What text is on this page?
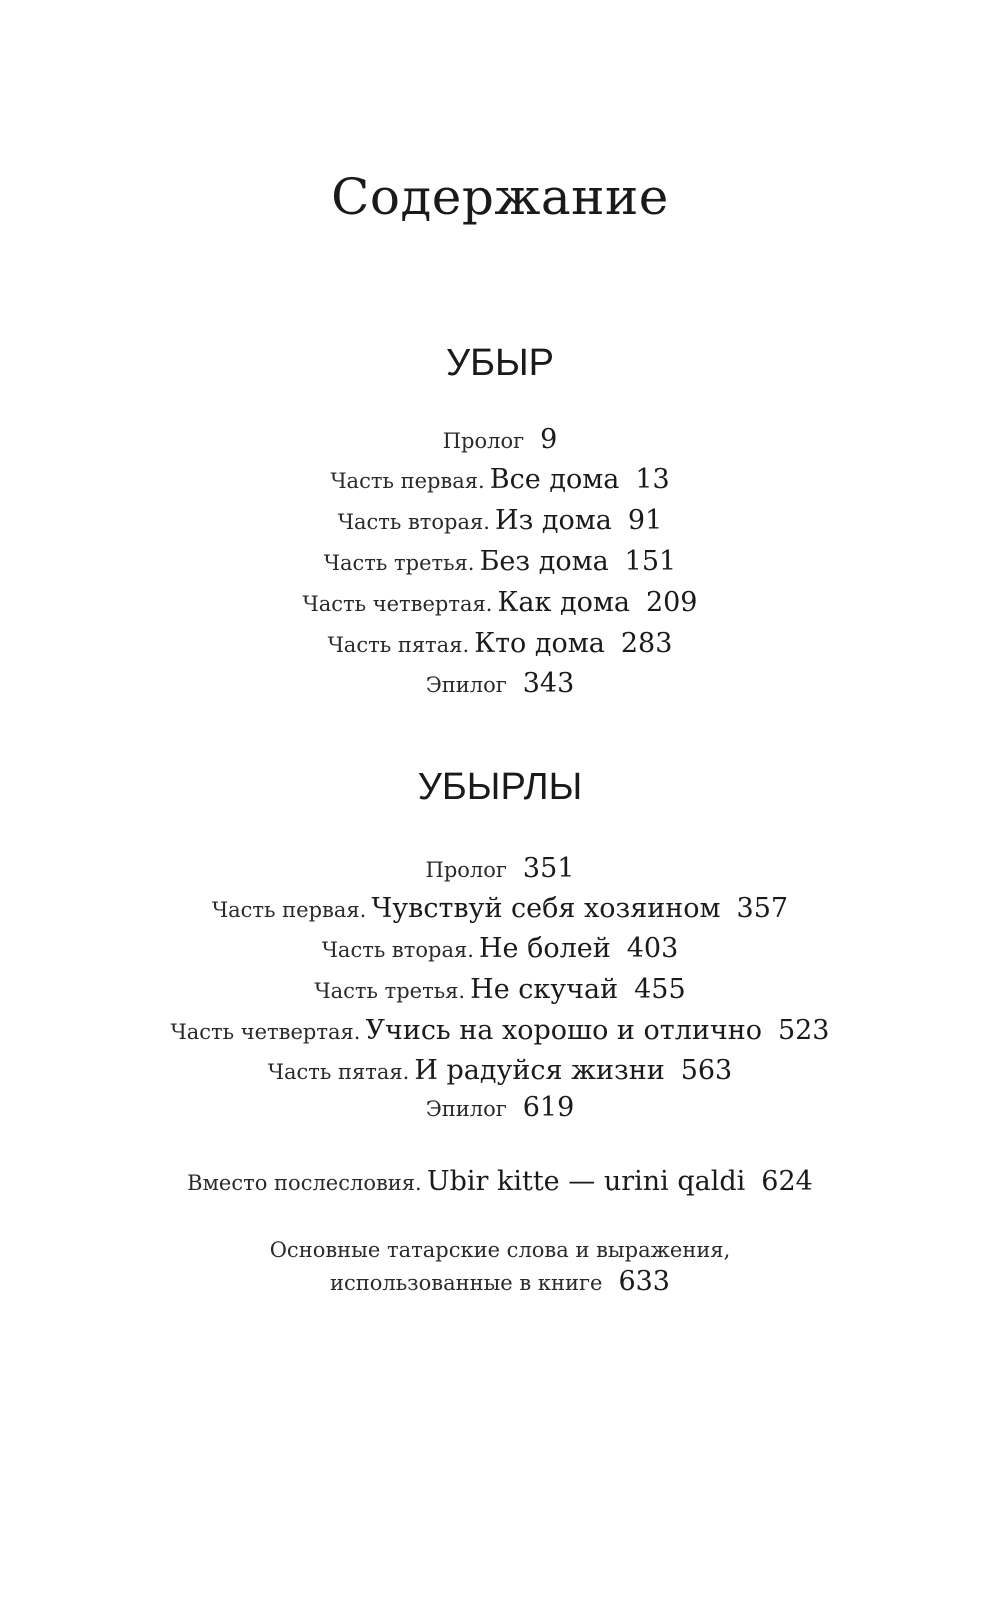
Содержание
УБЫР
Пролог 9
Часть первая. Все дома 13
Часть вторая. Из дома 91
Часть третья. Без дома 151
Часть четвертая. Как дома 209
Часть пятая. Кто дома 283
Эпилог 343
УБЫРЛЫ
Пролог 351
Часть первая. Чувствуй себя хозяином 357
Часть вторая. Не болей 403
Часть третья. Не скучай 455
Часть четвертая. Учись на хорошо и отлично 523
Часть пятая. И радуйся жизни 563
Эпилог 619
Вместо послесловия. Ubir kitte — urini qaldi 624
Основные татарские слова и выражения,
использованные в книге 633
